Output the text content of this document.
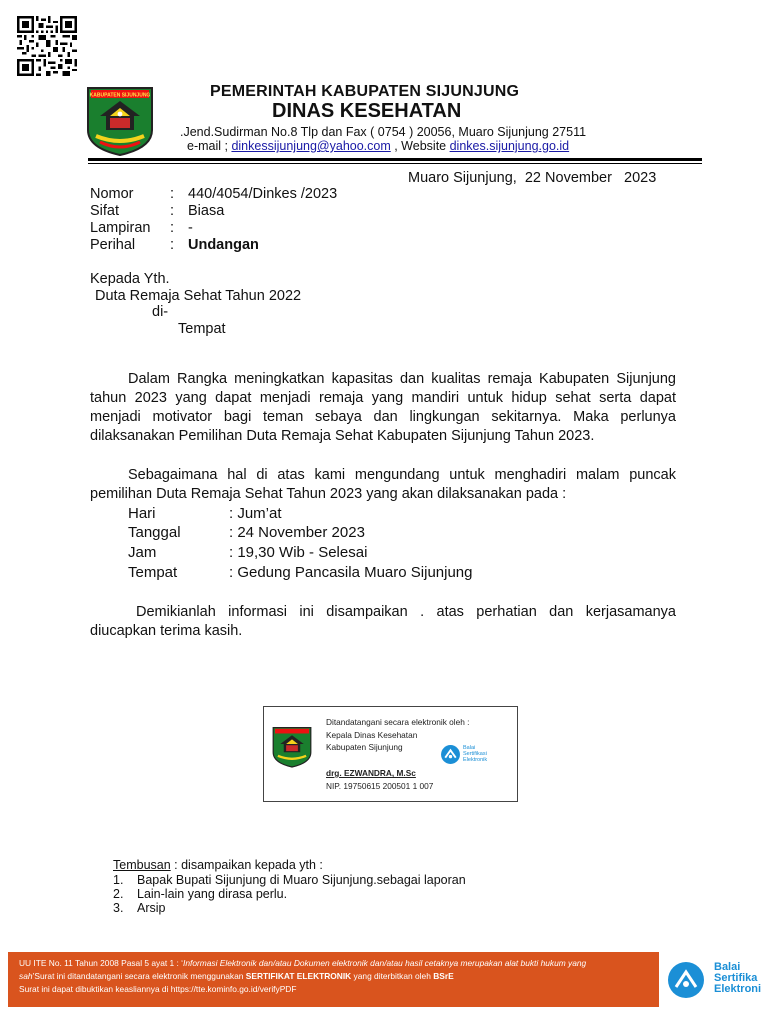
KABUPATEN SIJUNJUNG	PEMERINTAH KABUPATEN SIJUNJUNG
DINAS KESEHATAN
.Jend.Sudirman No.8 Tlp dan Fax ( 0754 ) 20056, Muaro Sijunjung 27511
e-mail ; dinkessijunjung@yahoo.com , Website dinkes.sijunjung.go.id
Muaro Sijunjung,  22 November   2023
Nomor	: 440/4054/Dinkes /2023
Sifat	: Biasa
Lampiran : -
Perihal : Undangan
Kepada Yth.
Duta Remaja Sehat Tahun 2022
di-
Tempat
Dalam Rangka meningkatkan kapasitas dan kualitas remaja Kabupaten Sijunjung tahun 2023 yang dapat menjadi remaja yang mandiri untuk hidup sehat serta dapat menjadi motivator bagi teman sebaya dan lingkungan sekitarnya. Maka perlunya dilaksanakan Pemilihan Duta Remaja Sehat Kabupaten Sijunjung Tahun 2023.
Sebagaimana hal di atas kami mengundang untuk menghadiri malam puncak pemilihan Duta Remaja Sehat Tahun 2023 yang akan dilaksanakan pada :
Hari	: Jum’at
Tanggal	: 24 November 2023
Jam	: 19,30 Wib - Selesai
Tempat	: Gedung Pancasila Muaro Sijunjung
Demikianlah informasi ini disampaikan . atas perhatian dan kerjasamanya diucapkan terima kasih.
Ditandatangani secara elektronik oleh :
Kepala Dinas Kesehatan
Kabupaten Sijunjung
drg. EZWANDRA, M.Sc
NIP. 19750615 200501 1 007
Balai
Sertifikasi
Elektronik
Tembusan : disampaikan kepada yth :
1. Bapak Bupati Sijunjung di Muaro Sijunjung.sebagai laporan
2. Lain-lain yang dirasa perlu.
3. Arsip
UU ITE No. 11 Tahun 2008 Pasal 5 ayat 1 : ‘Informasi Elektronik dan/atau Dokumen elektronik dan/atau hasil cetaknya merupakan alat bukti hukum yang
sah’Surat ini ditandatangani secara elektronik menggunakan SERTIFIKAT ELEKTRONIK yang diterbitkan oleh BSrE
Surat ini dapat dibuktikan keasliannya di https://tte.kominfo.go.id/verifyPDF
Balai
Sertifika
Elektroni
